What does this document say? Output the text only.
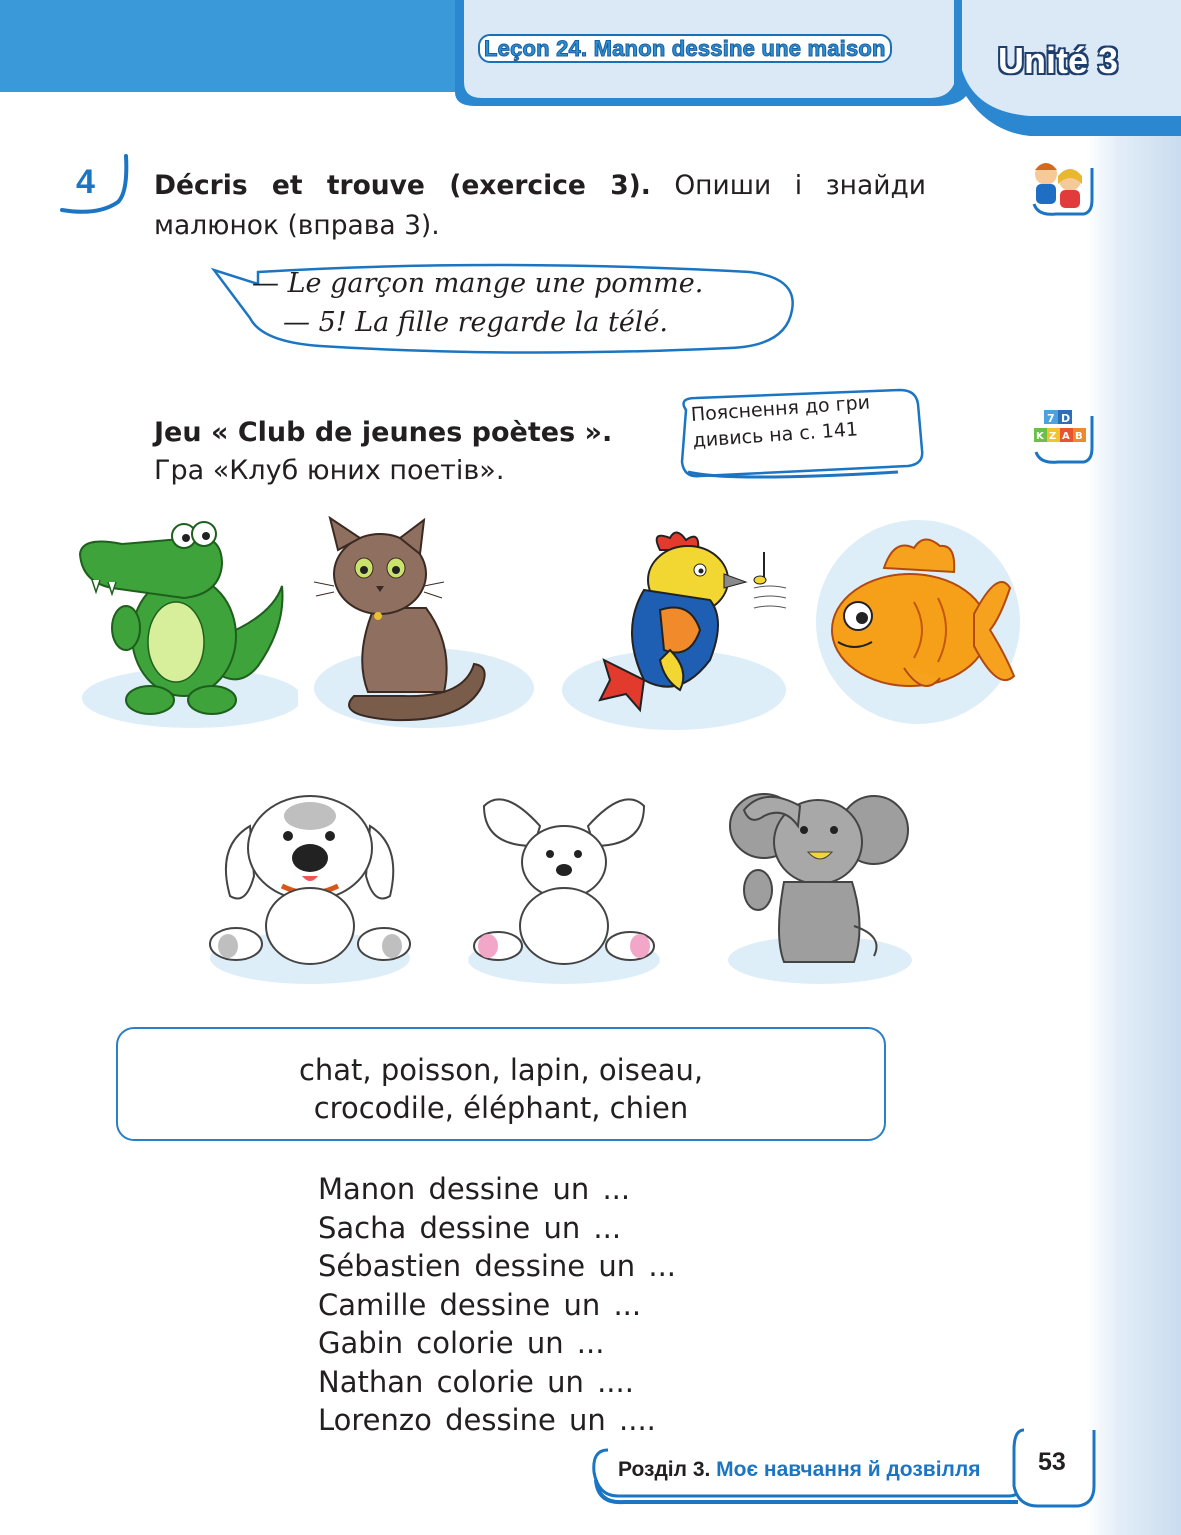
Leçon 24. Manon dessine une maison	Unité 3
4 Décris et trouve (exercice 3). Опиши і знайди малюнок (вправа 3).
— Le garçon mange une pomme.
— 5! La fille regarde la télé.
Jeu « Club de jeunes poètes ».
Гра «Клуб юних поетів».
Пояснення до гри
дивись на с. 141	7 D
K Z A B
chat, poisson, lapin, oiseau,
crocodile, éléphant, chien
Manon dessine un ...
Sacha dessine un ...
Sébastien dessine un ...
Camille dessine un ...
Gabin colorie un ...
Nathan colorie un ....
Lorenzo dessine un ....
Розділ 3. Моє навчання й дозвілля 53
